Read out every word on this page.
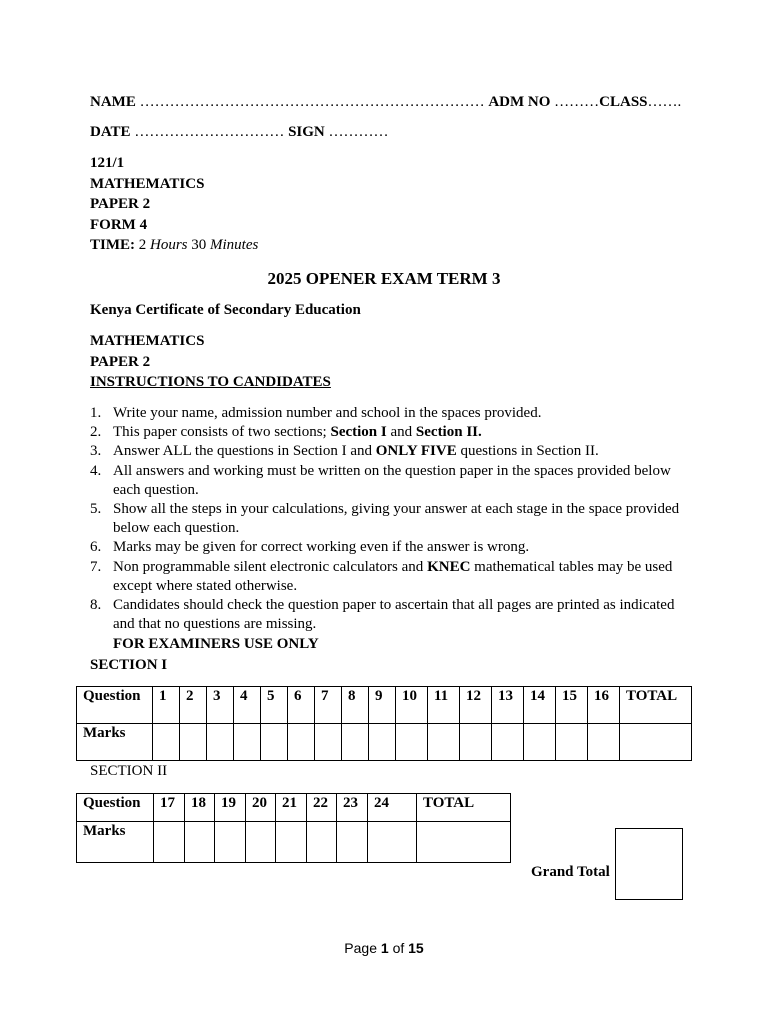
NAME …………………………………………………………… ADM NO ………CLASS…….
DATE ………………………… SIGN …………
121/1
MATHEMATICS
PAPER 2
FORM 4
TIME: 2 Hours 30 Minutes
2025 OPENER EXAM TERM 3
Kenya Certificate of Secondary Education
MATHEMATICS
PAPER 2
INSTRUCTIONS TO CANDIDATES
1. Write your name, admission number and school in the spaces provided.
2. This paper consists of two sections; Section I and Section II.
3. Answer ALL the questions in Section I and ONLY FIVE questions in Section II.
4. All answers and working must be written on the question paper in the spaces provided below each question.
5. Show all the steps in your calculations, giving your answer at each stage in the space provided below each question.
6. Marks may be given for correct working even if the answer is wrong.
7. Non programmable silent electronic calculators and KNEC mathematical tables may be used except where stated otherwise.
8. Candidates should check the question paper to ascertain that all pages are printed as indicated and that no questions are missing.
FOR EXAMINERS USE ONLY
SECTION I
Question	1	2	3	4	5	6	7	8	9	10	11	12	13	14	15	16	TOTAL
Marks																	
SECTION II
Question	17	18	19	20	21	22	23	24	TOTAL
Marks									
Grand Total
Page 1 of 15
